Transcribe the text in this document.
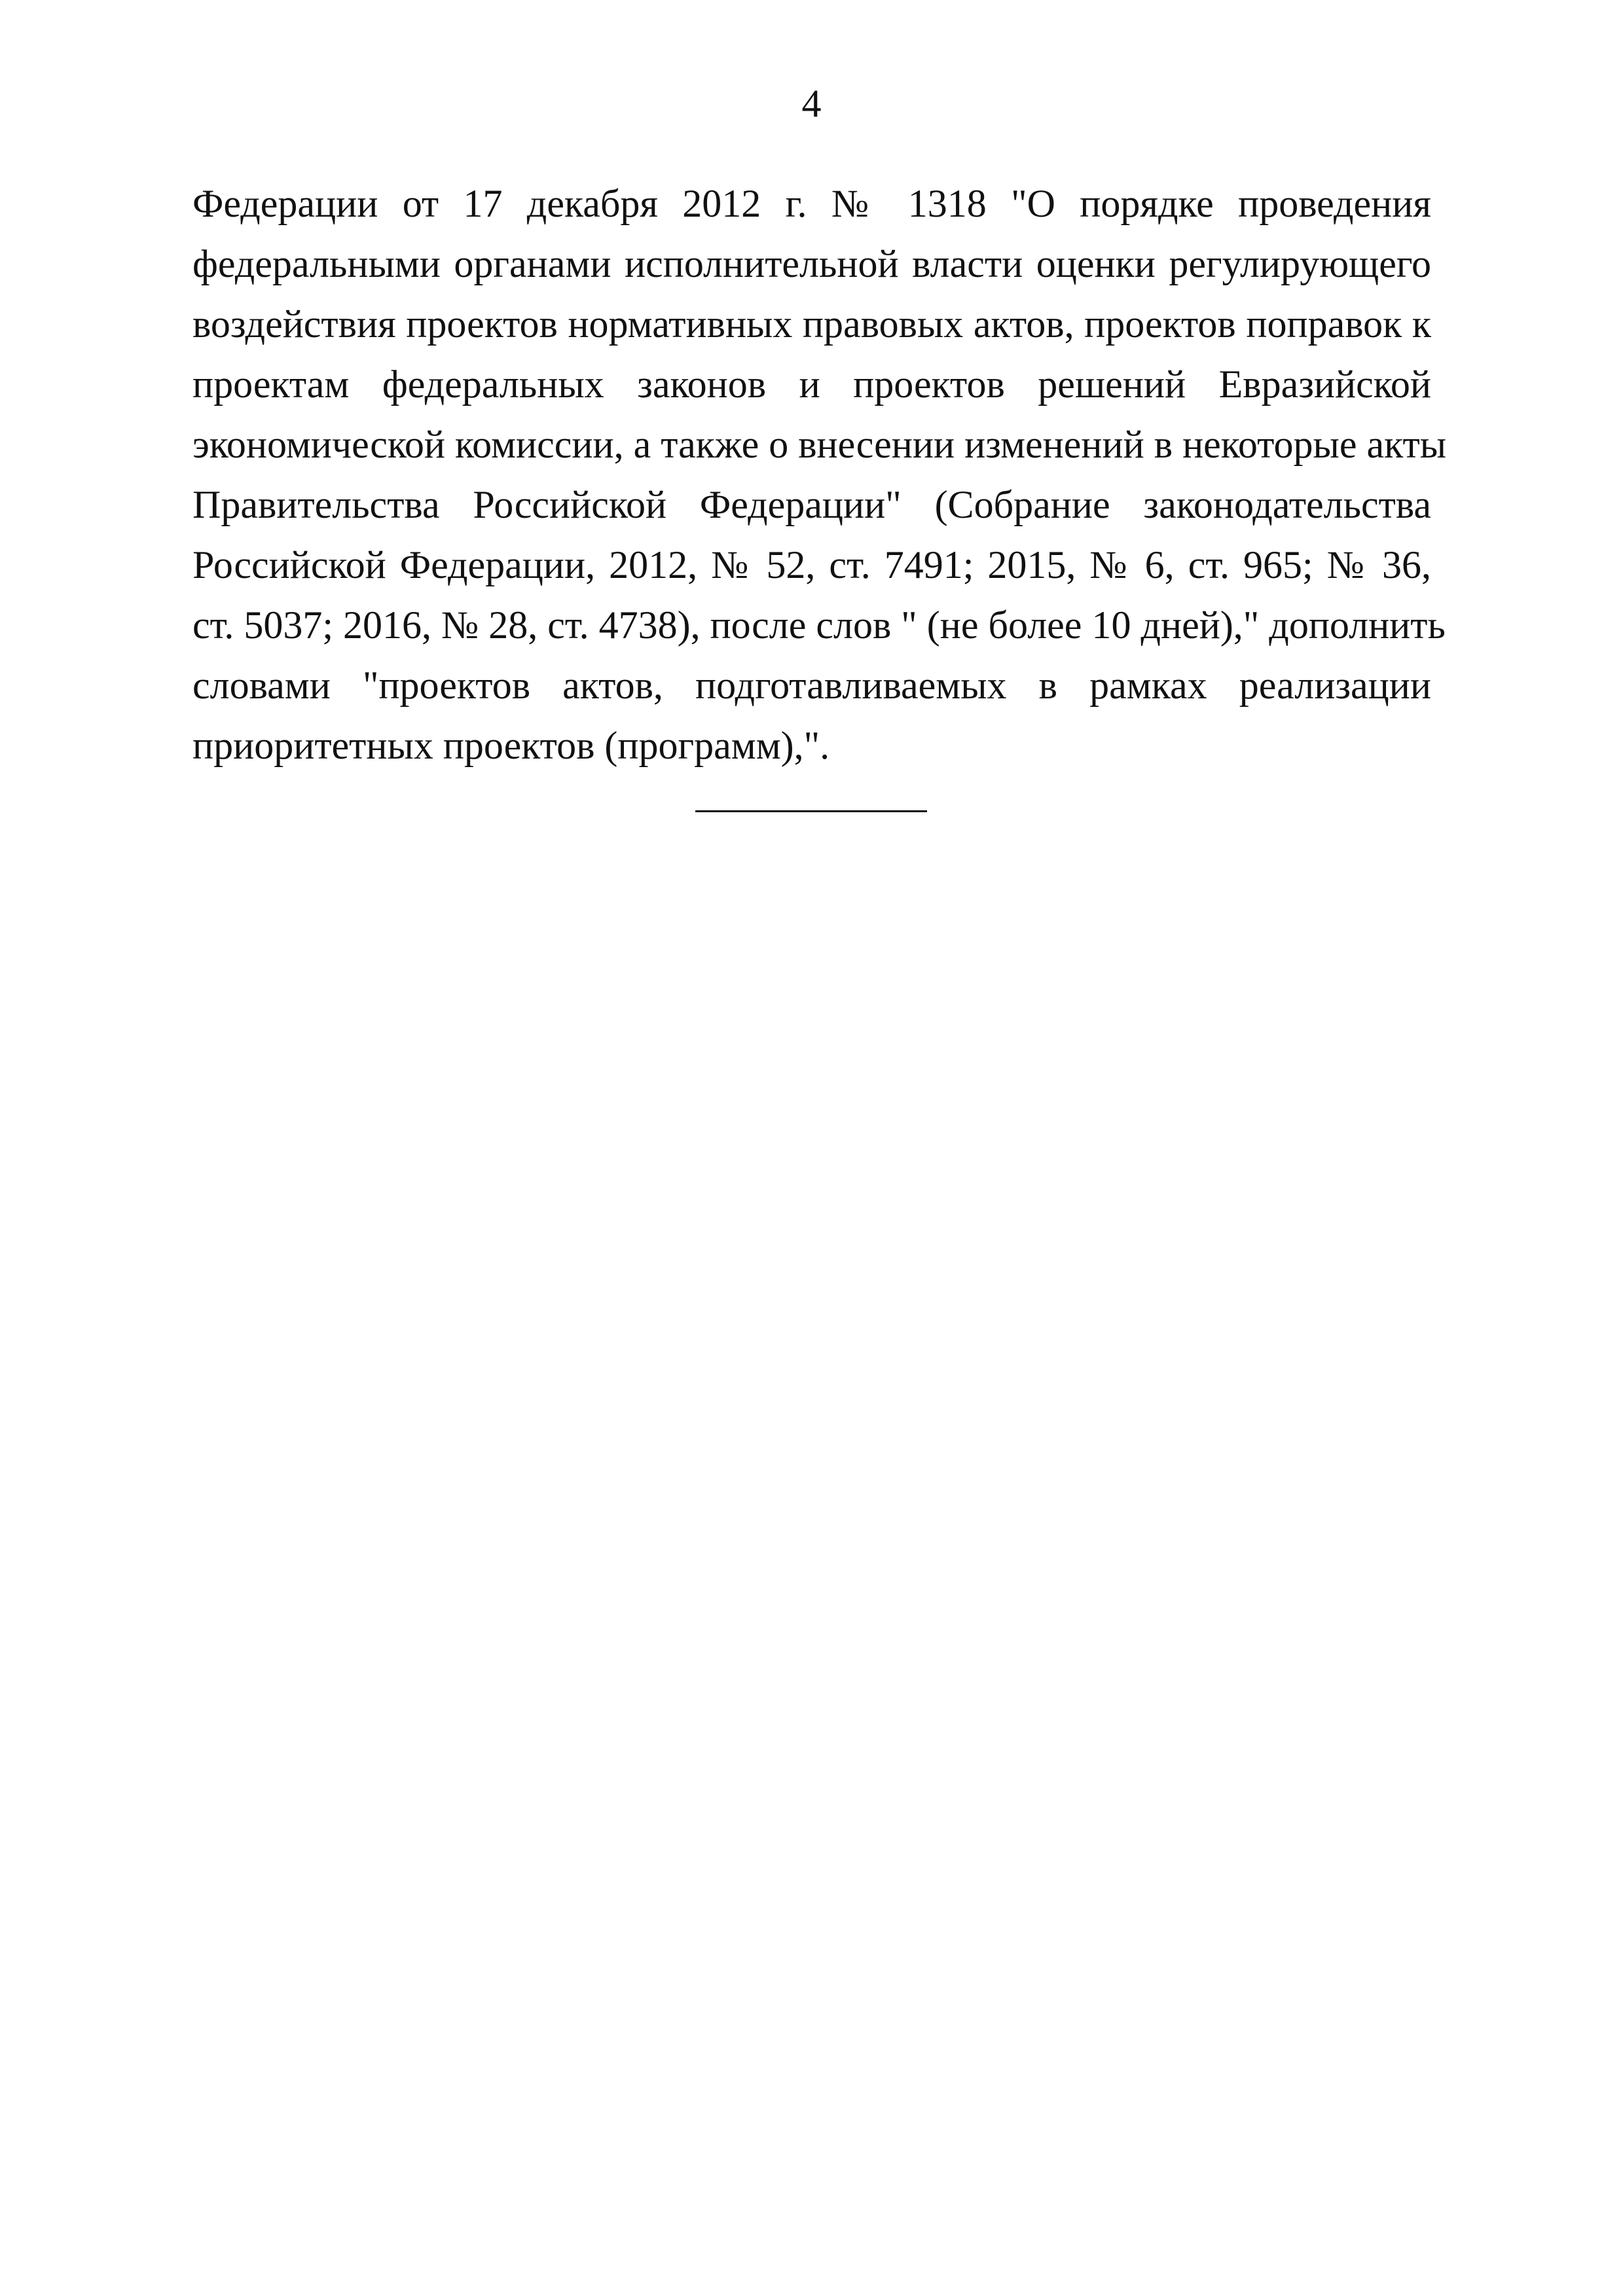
4
Федерации от 17 декабря 2012 г. № 1318 "О порядке проведения
федеральными органами исполнительной власти оценки регулирующего
воздействия проектов нормативных правовых актов, проектов поправок к
проектам федеральных законов и проектов решений Евразийской
экономической комиссии, а также о внесении изменений в некоторые акты
Правительства Российской Федерации" (Собрание законодательства
Российской Федерации, 2012, № 52, ст. 7491; 2015, № 6, ст. 965; № 36,
ст. 5037; 2016, № 28, ст. 4738), после слов " (не более 10 дней)," дополнить
словами "проектов актов, подготавливаемых в рамках реализации
приоритетных проектов (программ),".
